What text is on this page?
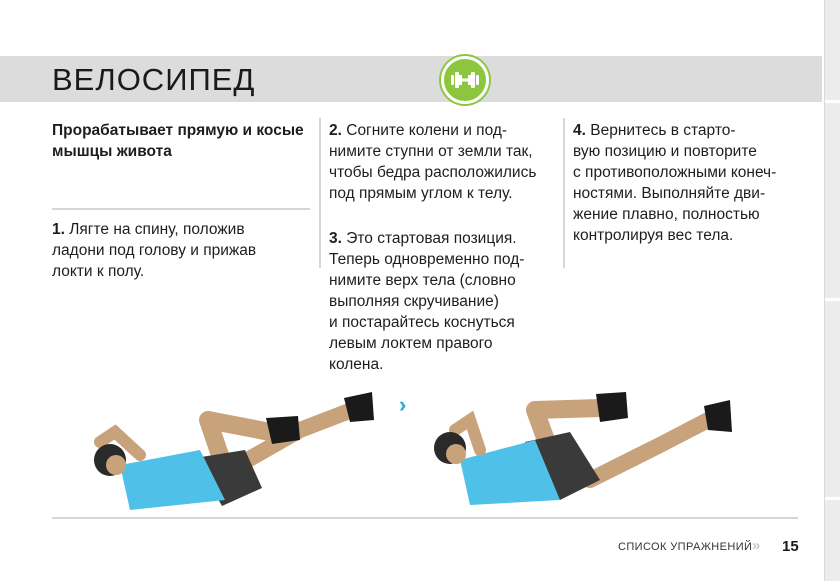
ВЕЛОСИПЕД
Прорабатывает прямую и косые
мышцы живота
1. Лягте на спину, положив
ладони под голову и прижав
локти к полу.
2. Согните колени и под-
нимите ступни от земли так,
чтобы бедра расположились
под прямым углом к телу.
3. Это стартовая позиция.
Теперь одновременно под-
нимите верх тела (словно
выполняя скручивание)
и постарайтесь коснуться
левым локтем правого
колена.
4. Вернитесь в старто-
вую позицию и повторите
с противоположными конеч-
ностями. Выполняйте дви-
жение плавно, полностью
контролируя вес тела.
›
СПИСОК УПРАЖНЕНИЙ » 15
